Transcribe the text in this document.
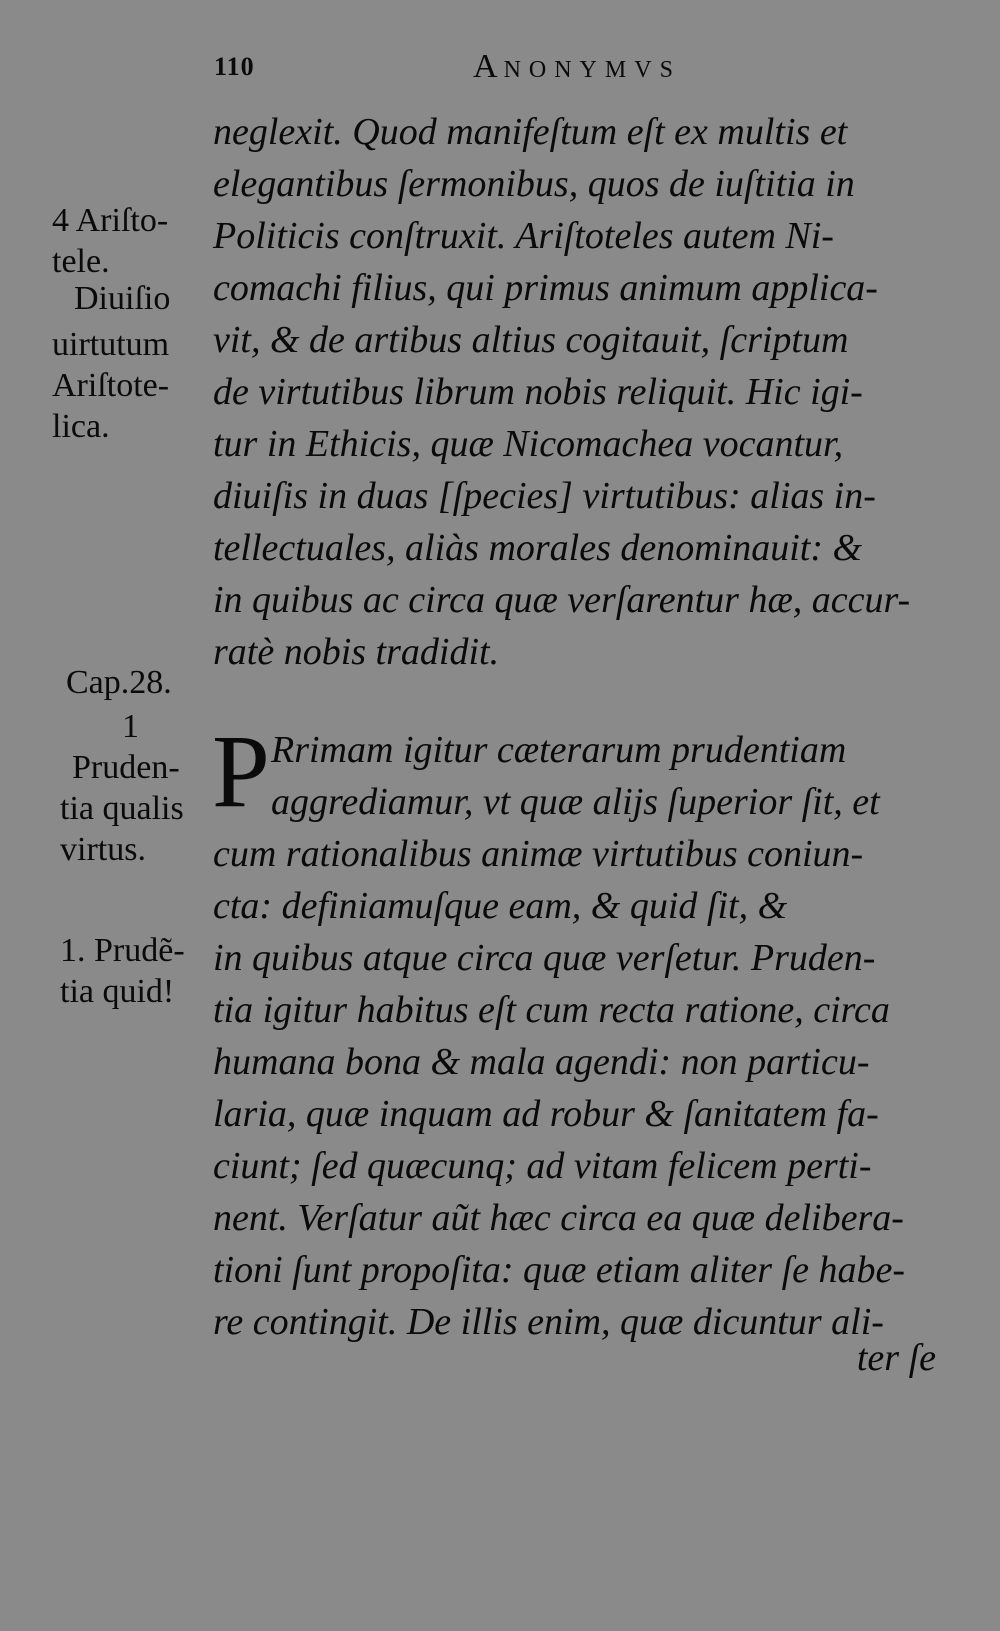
110	ANONYMVS
4 Ariſto-
tele.
Diuiſio
uirtutum
Ariſtote-
lica.
Cap.28.
1
Pruden-
tia qualis
virtus.
1. Prudẽ-
tia quid!
neglexit. Quod manifeſtum eſt ex multis et
elegantibus ſermonibus, quos de iuſtitia in
Politicis conſtruxit. Ariſtoteles autem Ni-
comachi filius, qui primus animum applica-
vit, & de artibus altius cogitauit, ſcriptum
de virtutibus librum nobis reliquit. Hic igi-
tur in Ethicis, quæ Nicomachea vocantur,
diuiſis in duas [ſpecies] virtutibus: alias in-
tellectuales, aliàs morales denominauit: &
in quibus ac circa quæ verſarentur hæ, accur-
ratè nobis tradidit.
P Rrimam igitur cæterarum prudentiam
aggrediamur, vt quæ alijs ſuperior ſit, et
cum rationalibus animæ virtutibus coniun-
cta: definiamuſque eam, & quid ſit, &
in quibus atque circa quæ verſetur. Pruden-
tia igitur habitus eſt cum recta ratione, circa
humana bona & mala agendi: non particu-
laria, quæ inquam ad robur & ſanitatem fa-
ciunt; ſed quæcunq; ad vitam felicem perti-
nent. Verſatur aũt hæc circa ea quæ delibera-
tioni ſunt propoſita: quæ etiam aliter ſe habe-
re contingit. De illis enim, quæ dicuntur ali-
ter ſe
